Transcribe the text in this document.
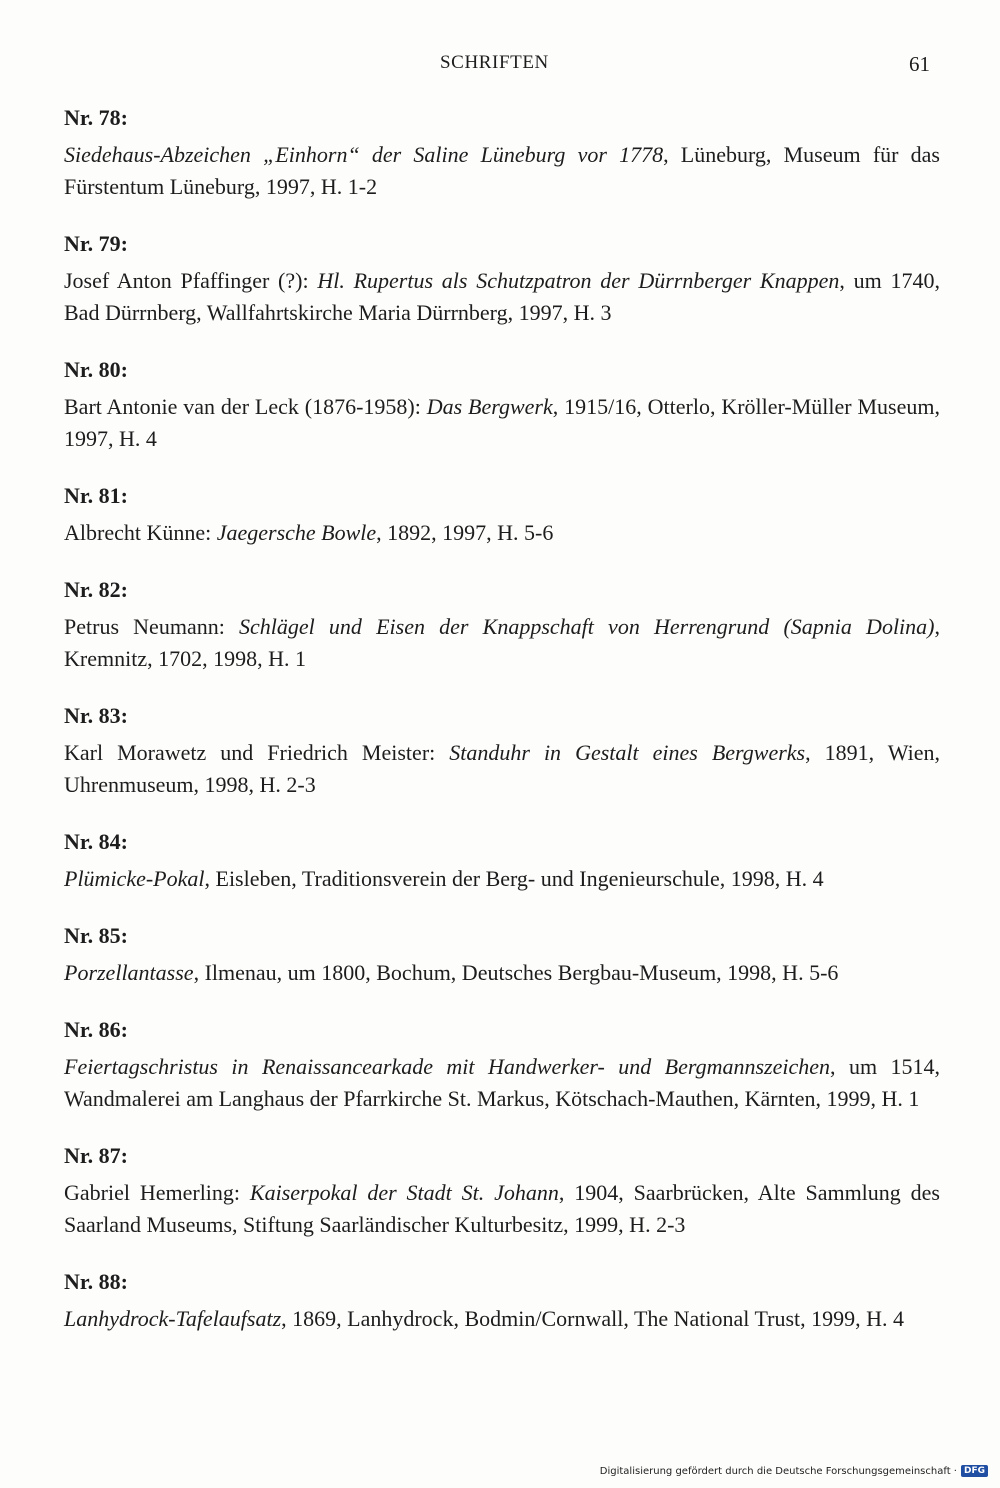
SCHRIFTEN	61
Nr. 78:
Siedehaus-Abzeichen „Einhorn“ der Saline Lüneburg vor 1778, Lüneburg, Museum für das Fürstentum Lüneburg, 1997, H. 1-2
Nr. 79:
Josef Anton Pfaffinger (?): Hl. Rupertus als Schutzpatron der Dürrnberger Knappen, um 1740, Bad Dürrnberg, Wallfahrtskirche Maria Dürrnberg, 1997, H. 3
Nr. 80:
Bart Antonie van der Leck (1876-1958): Das Bergwerk, 1915/16, Otterlo, Kröller-Müller Museum, 1997, H. 4
Nr. 81:
Albrecht Künne: Jaegersche Bowle, 1892, 1997, H. 5-6
Nr. 82:
Petrus Neumann: Schlägel und Eisen der Knappschaft von Herrengrund (Sapnia Dolina), Kremnitz, 1702, 1998, H. 1
Nr. 83:
Karl Morawetz und Friedrich Meister: Standuhr in Gestalt eines Bergwerks, 1891, Wien, Uhrenmuseum, 1998, H. 2-3
Nr. 84:
Plümicke-Pokal, Eisleben, Traditionsverein der Berg- und Ingenieurschule, 1998, H. 4
Nr. 85:
Porzellantasse, Ilmenau, um 1800, Bochum, Deutsches Bergbau-Museum, 1998, H. 5-6
Nr. 86:
Feiertagschristus in Renaissancearkade mit Handwerker- und Bergmannszeichen, um 1514, Wandmalerei am Langhaus der Pfarrkirche St. Markus, Kötschach-Mauthen, Kärnten, 1999, H. 1
Nr. 87:
Gabriel Hemerling: Kaiserpokal der Stadt St. Johann, 1904, Saarbrücken, Alte Sammlung des Saarland Museums, Stiftung Saarländischer Kulturbesitz, 1999, H. 2-3
Nr. 88:
Lanhydrock-Tafelaufsatz, 1869, Lanhydrock, Bodmin/Cornwall, The National Trust, 1999, H. 4
Digitalisierung gefördert durch die Deutsche Forschungsgemeinschaft · DFG
